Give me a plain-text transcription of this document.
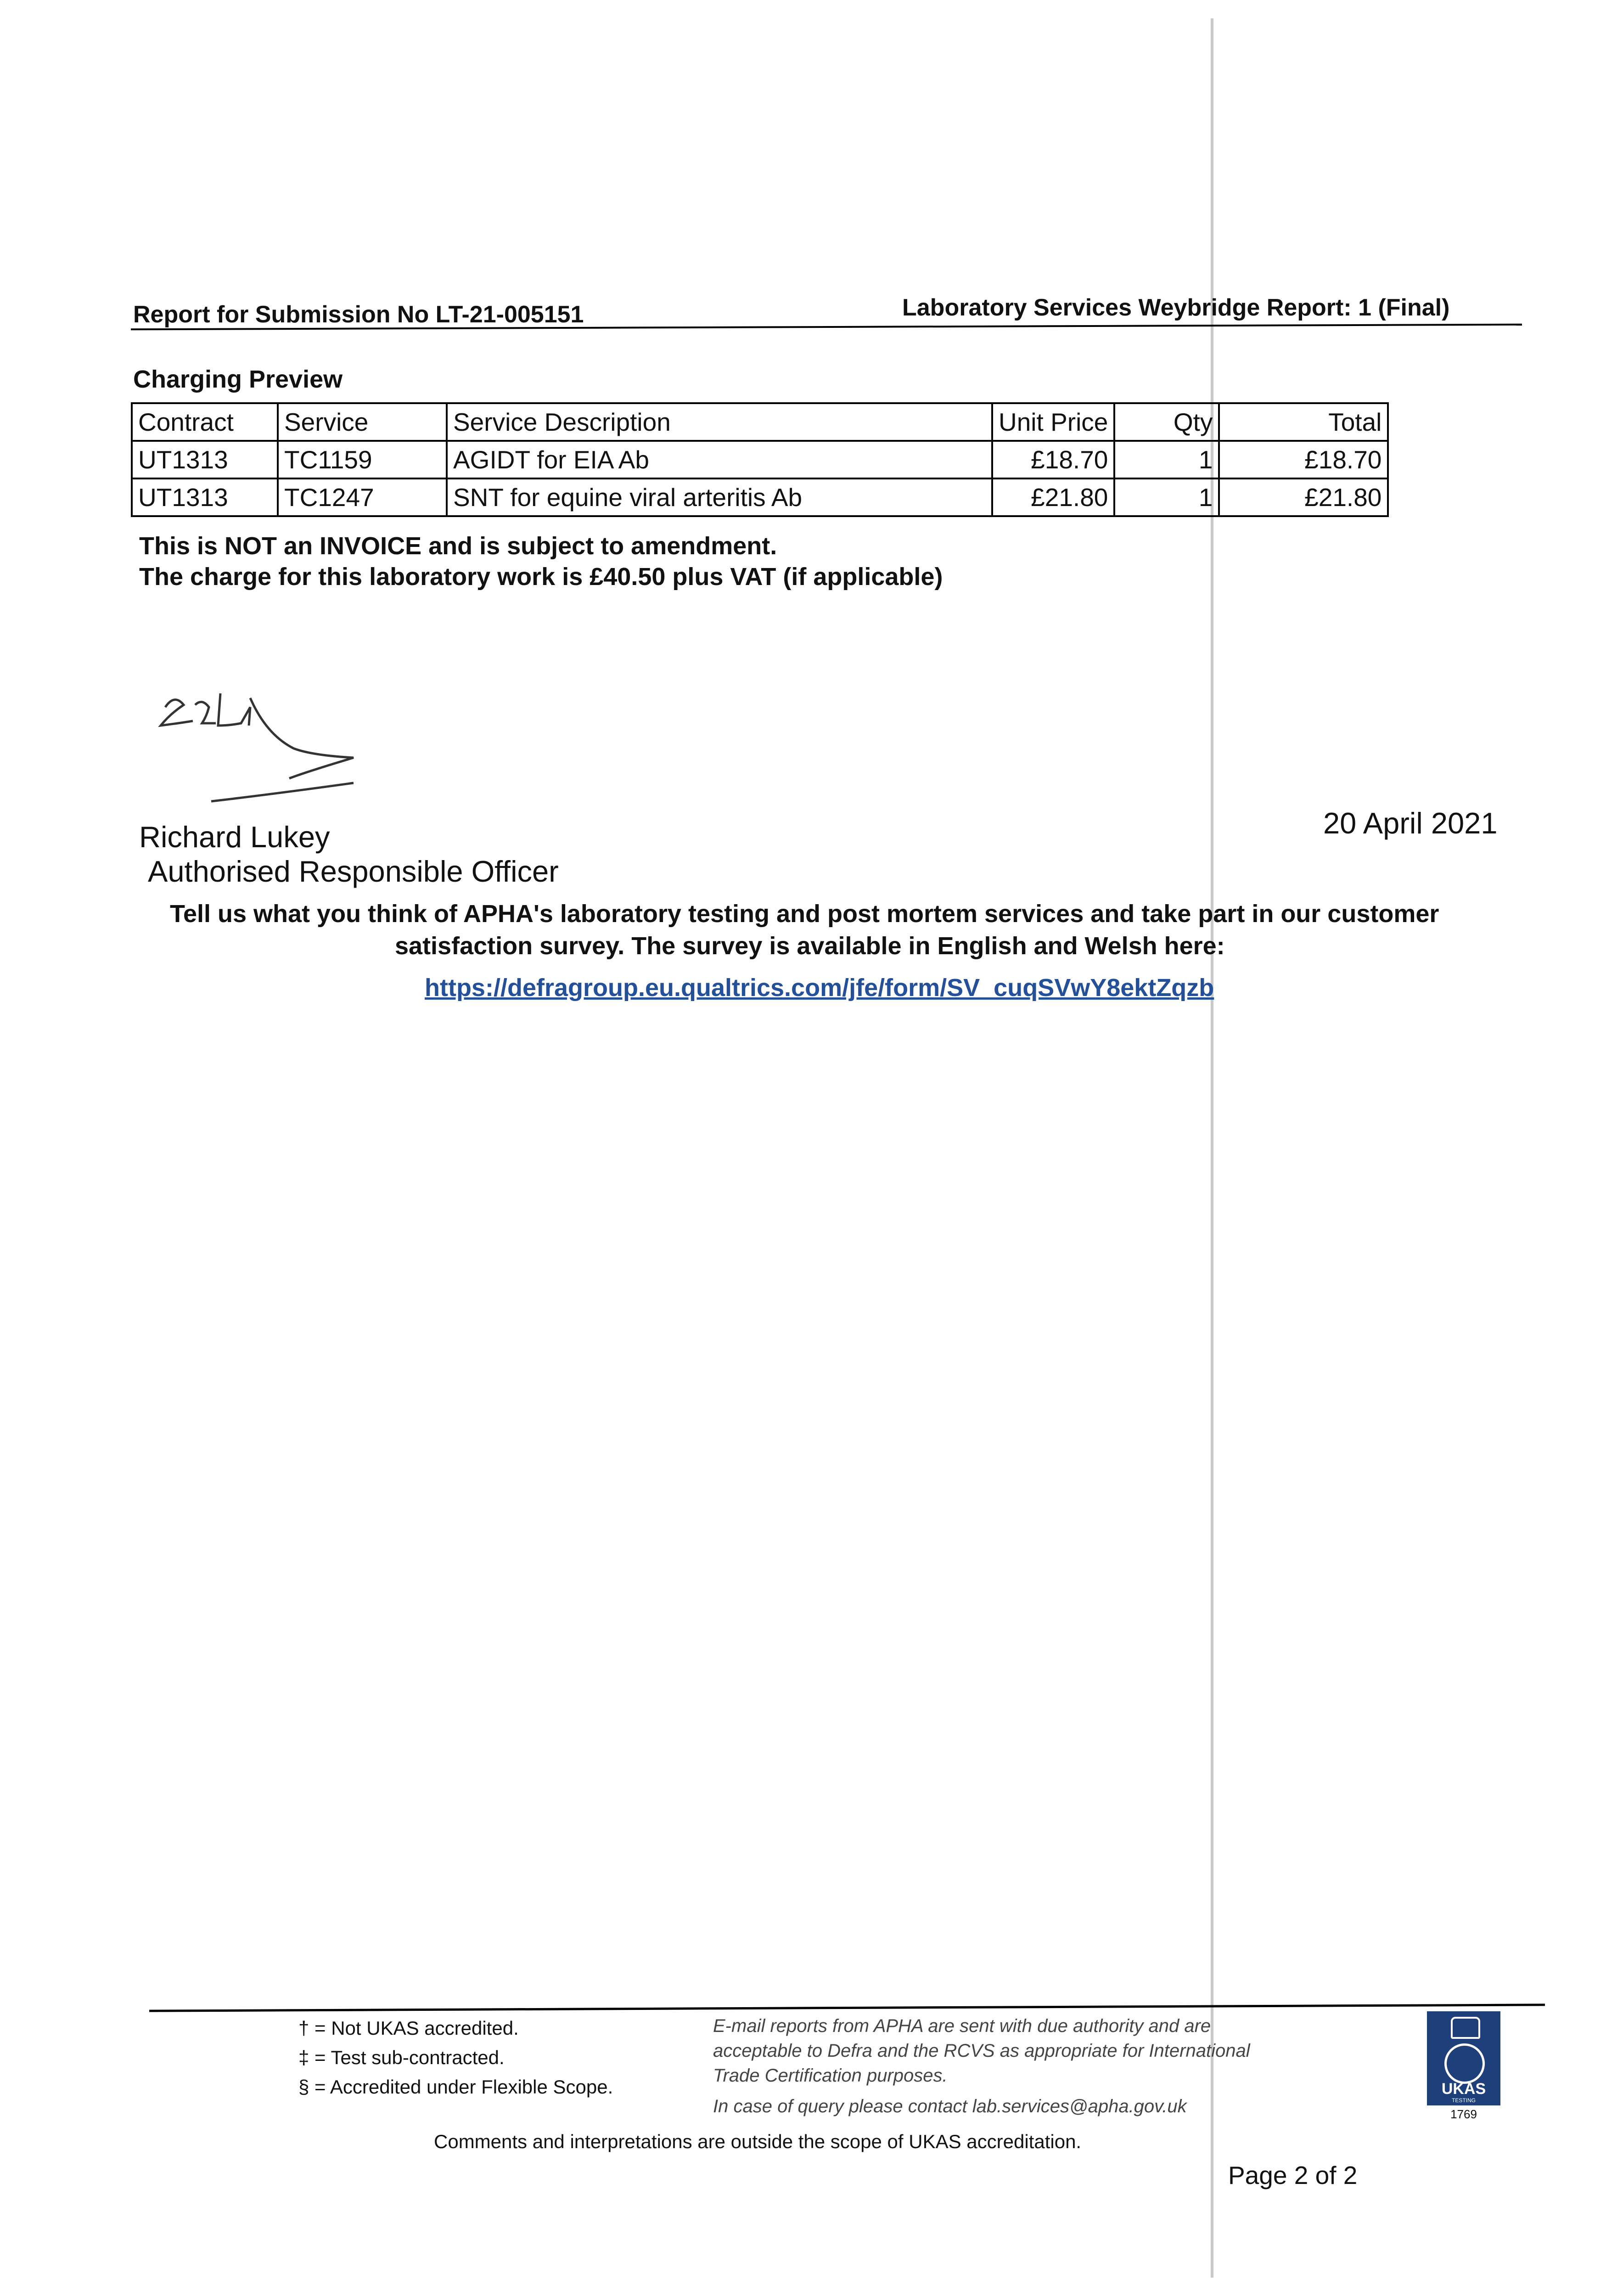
Report for Submission No LT-21-005151	Laboratory Services Weybridge Report: 1 (Final)
Charging Preview
Contract	Service	Service Description	Unit Price	Qty	Total
UT1313	TC1159	AGIDT for EIA Ab	£18.70	1	£18.70
UT1313	TC1247	SNT for equine viral arteritis Ab	£21.80	1	£21.80
This is NOT an INVOICE and is subject to amendment.
The charge for this laboratory work is £40.50 plus VAT (if applicable)
Richard Lukey
Authorised Responsible Officer
20 April 2021
Tell us what you think of APHA's laboratory testing and post mortem services and take part in our customer
satisfaction survey. The survey is available in English and Welsh here:
https://defragroup.eu.qualtrics.com/jfe/form/SV_cuqSVwY8ektZqzb
† = Not UKAS accredited.
‡ = Test sub-contracted.
§ = Accredited under Flexible Scope.
E-mail reports from APHA are sent with due authority and are
acceptable to Defra and the RCVS as appropriate for International
Trade Certification purposes.
In case of query please contact lab.services@apha.gov.uk
UKAS
TESTING
1769
Comments and interpretations are outside the scope of UKAS accreditation.
Page 2 of 2
